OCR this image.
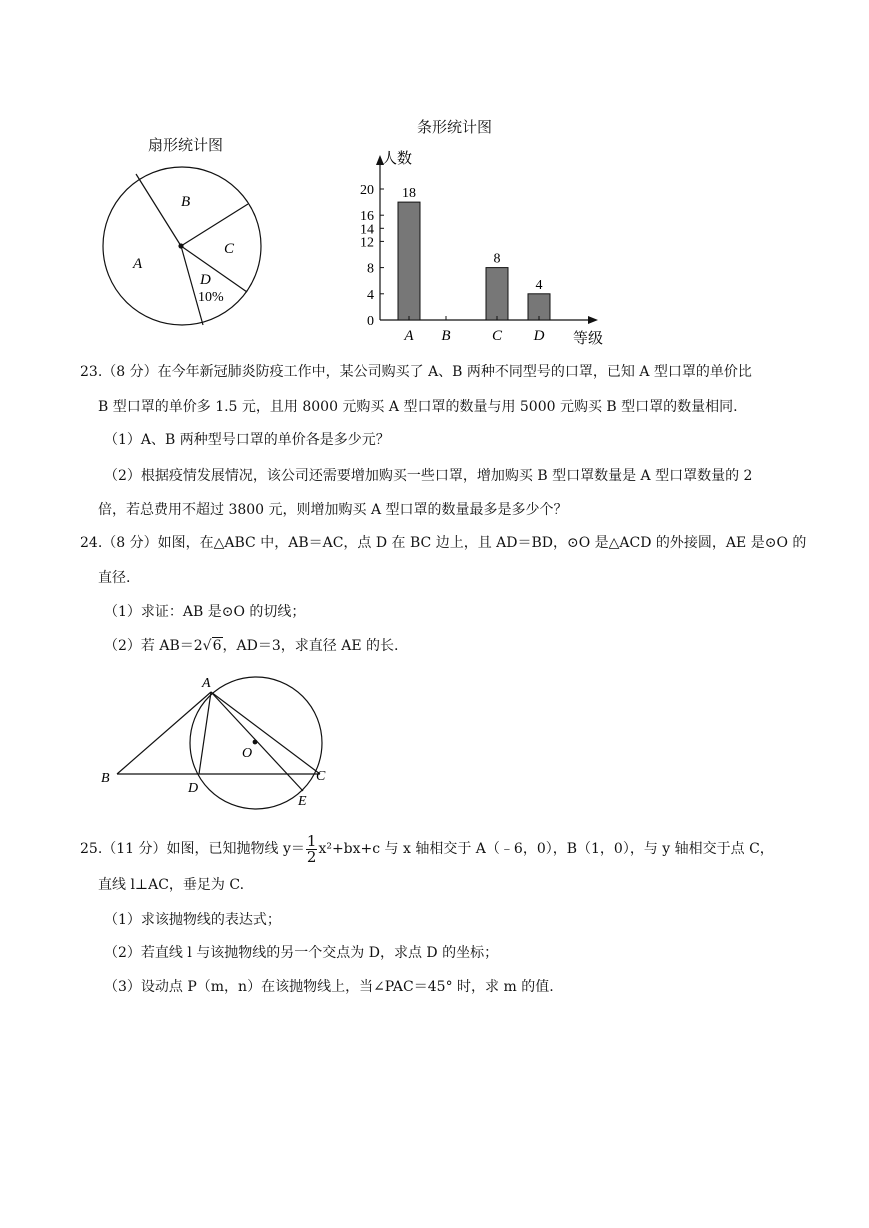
扇形统计图
A
B
C
D
10%
条形统计图
人数
等级
0
4
8
12
14
16
20
A
18
B	C
8
D
4
23.（8 分）在今年新冠肺炎防疫工作中，某公司购买了 A、B 两种不同型号的口罩，已知 A 型口罩的单价比
B 型口罩的单价多 1.5 元，且用 8000 元购买 A 型口罩的数量与用 5000 元购买 B 型口罩的数量相同.
（1）A、B 两种型号口罩的单价各是多少元？
（2）根据疫情发展情况，该公司还需要增加购买一些口罩，增加购买 B 型口罩数量是 A 型口罩数量的 2
倍，若总费用不超过 3800 元，则增加购买 A 型口罩的数量最多是多少个？
24.（8 分）如图，在△ABC 中，AB＝AC，点 D 在 BC 边上，且 AD＝BD，⊙O 是△ACD 的外接圆，AE 是⊙O 的
直径.
（1）求证：AB 是⊙O 的切线；
（2）若 AB＝2√6，AD＝3，求直径 AE 的长.
A
B	C
D
E
O
25.（11 分）如图，已知抛物线 $y= \frac{1}{2} x^2+bx+c$ 与 x 轴相交于 A（﹣6，0），B（1，0），与 y 轴相交于点 C，
直线 l⊥AC，垂足为 C.
（1）求该抛物线的表达式；
（2）若直线 l 与该抛物线的另一个交点为 D，求点 D 的坐标；
（3）设动点 P（m，n）在该抛物线上，当∠PAC＝45° 时，求 m 的值.
